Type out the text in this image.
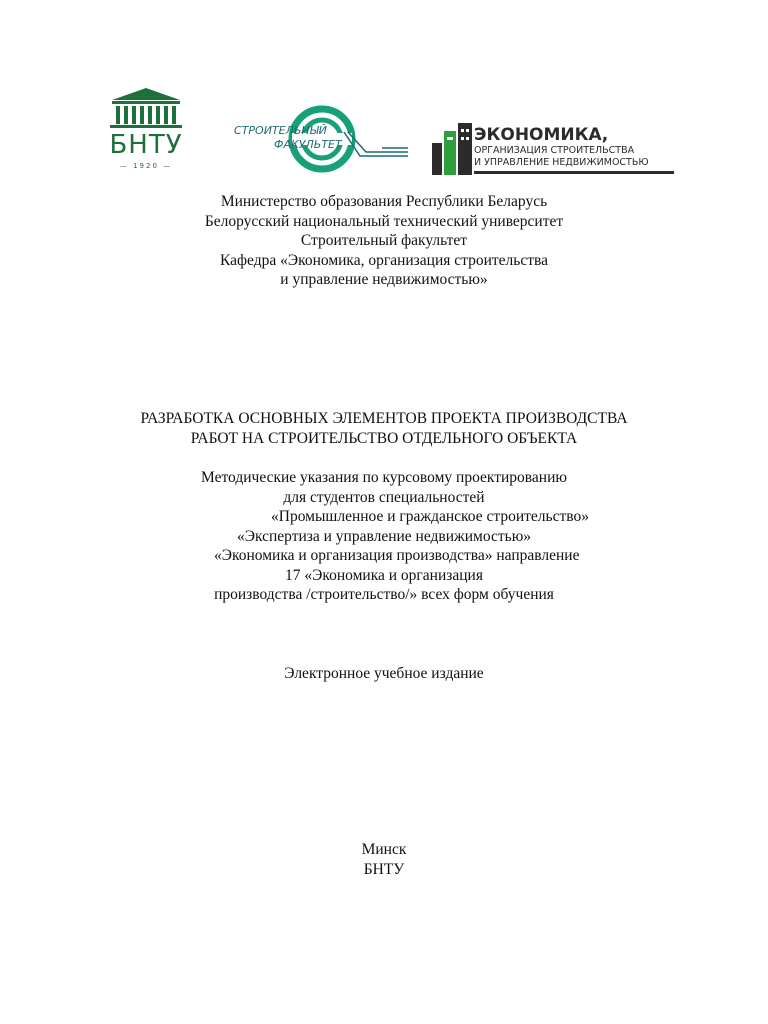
БНТУ
— 1920 —
СТРОИТЕЛЬНЫЙ
ФАКУЛЬТЕТ	ЭКОНОМИКА,
ОРГАНИЗАЦИЯ СТРОИТЕЛЬСТВА
И УПРАВЛЕНИЕ НЕДВИЖИМОСТЬЮ
Министерство образования Республики Беларусь
Белорусский национальный технический университет
Строительный факультет
Кафедра «Экономика, организация строительства
и управление недвижимостью»
РАЗРАБОТКА ОСНОВНЫХ ЭЛЕМЕНТОВ ПРОЕКТА ПРОИЗВОДСТВА
РАБОТ НА СТРОИТЕЛЬСТВО ОТДЕЛЬНОГО ОБЪЕКТА
Методические указания по курсовому проектированию
для студентов специальностей
«Промышленное и гражданское строительство»
«Экспертиза и управление недвижимостью»
«Экономика и организация производства» направление
17 «Экономика и организация
производства /строительство/» всех форм обучения
Электронное учебное издание
Минск
БНТУ
